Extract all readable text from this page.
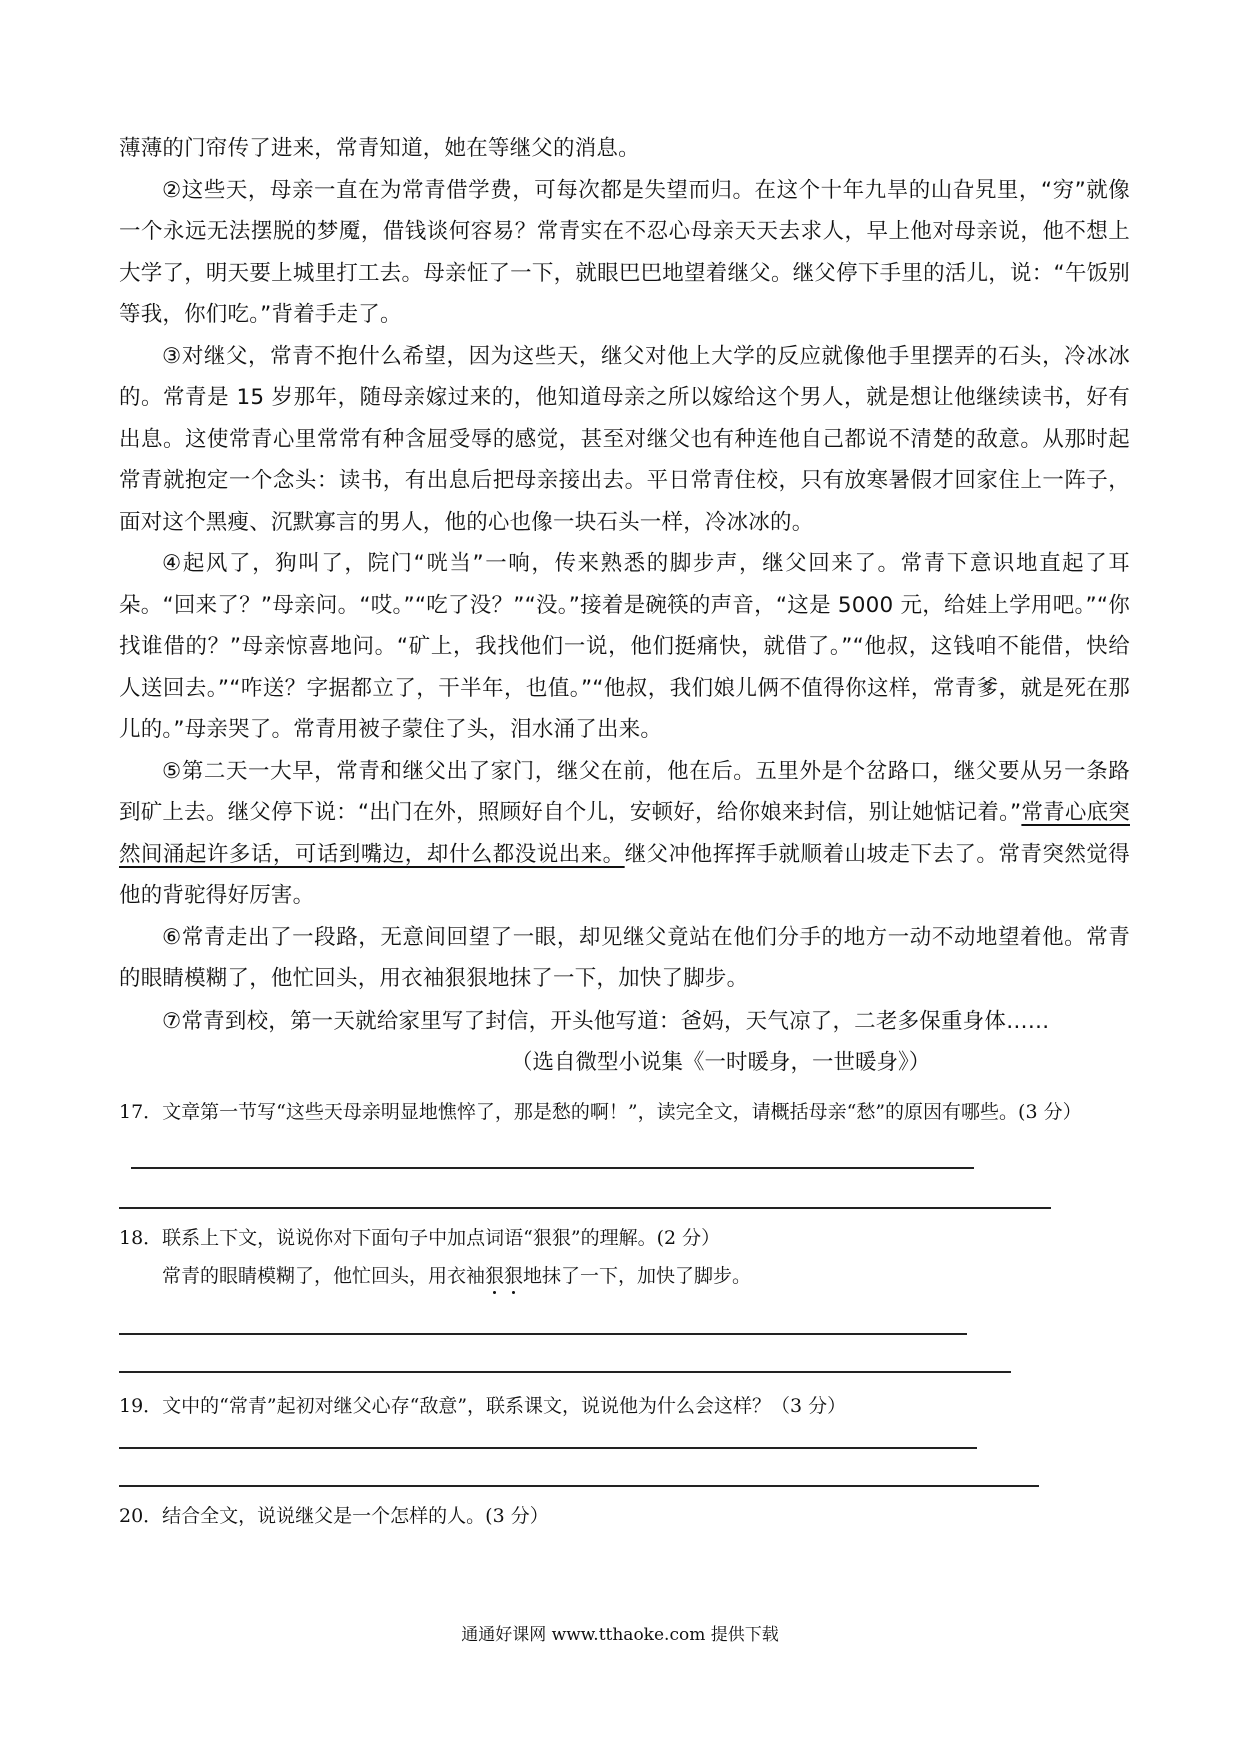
薄薄的门帘传了进来，常青知道，她在等继父的消息。

②这些天，母亲一直在为常青借学费，可每次都是失望而归。在这个十年九旱的山旮旯里，“穷”就像一个永远无法摆脱的梦魇，借钱谈何容易？常青实在不忍心母亲天天去求人，早上他对母亲说，他不想上大学了，明天要上城里打工去。母亲怔了一下，就眼巴巴地望着继父。继父停下手里的活儿，说：“午饭别等我，你们吃。”背着手走了。

③对继父，常青不抱什么希望，因为这些天，继父对他上大学的反应就像他手里摆弄的石头，冷冰冰的。常青是 15 岁那年，随母亲嫁过来的，他知道母亲之所以嫁给这个男人，就是想让他继续读书，好有出息。这使常青心里常常有种含屈受辱的感觉，甚至对继父也有种连他自己都说不清楚的敌意。从那时起常青就抱定一个念头：读书，有出息后把母亲接出去。平日常青住校，只有放寒暑假才回家住上一阵子，面对这个黑瘦、沉默寡言的男人，他的心也像一块石头一样，冷冰冰的。

④起风了，狗叫了，院门“咣当”一响，传来熟悉的脚步声，继父回来了。常青下意识地直起了耳朵。“回来了？”母亲问。“哎。”“吃了没？”“没。”接着是碗筷的声音，“这是 5000 元，给娃上学用吧。”“你找谁借的？”母亲惊喜地问。“矿上，我找他们一说，他们挺痛快，就借了。”“他叔，这钱咱不能借，快给人送回去。”“咋送？字据都立了，干半年，也值。”“他叔，我们娘儿俩不值得你这样，常青爹，就是死在那儿的。”母亲哭了。常青用被子蒙住了头，泪水涌了出来。

⑤第二天一大早，常青和继父出了家门，继父在前，他在后。五里外是个岔路口，继父要从另一条路到矿上去。继父停下说：“出门在外，照顾好自个儿，安顿好，给你娘来封信，别让她惦记着。”常青心底突然间涌起许多话，可话到嘴边，却什么都没说出来。继父冲他挥挥手就顺着山坡走下去了。常青突然觉得他的背驼得好厉害。

⑥常青走出了一段路，无意间回望了一眼，却见继父竟站在他们分手的地方一动不动地望着他。常青的眼睛模糊了，他忙回头，用衣袖狠狠地抹了一下，加快了脚步。

⑦常青到校，第一天就给家里写了封信，开头他写道：爸妈，天气凉了，二老多保重身体……

（选自微型小说集《一时暖身，一世暖身》）

17．文章第一节写“这些天母亲明显地憔悴了，那是愁的啊！”，读完全文，请概括母亲“愁”的原因有哪些。(3 分）

18．联系上下文，说说你对下面句子中加点词语“狠狠”的理解。(2 分）

常青的眼睛模糊了，他忙回头，用衣袖狠狠地抹了一下，加快了脚步。

19．文中的“常青”起初对继父心存“敌意”，联系课文，说说他为什么会这样？（3 分）

20．结合全文，说说继父是一个怎样的人。(3 分）

通通好课网 www.tthaoke.com 提供下载
